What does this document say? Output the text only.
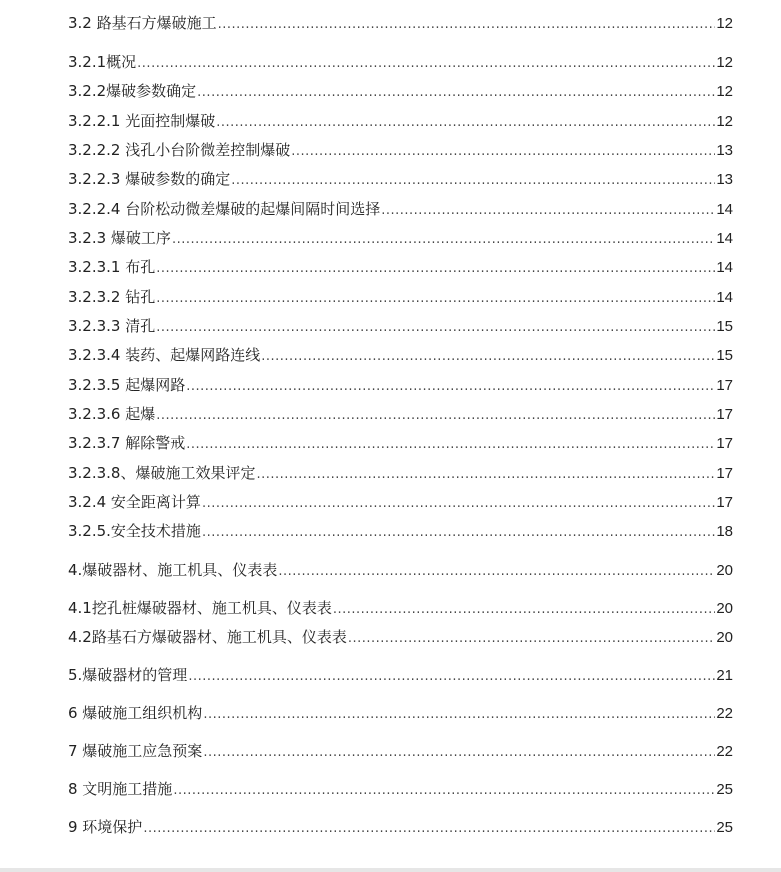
3.2 路基石方爆破施工 .....	12
3.2.1概况 .....	12
3.2.2爆破参数确定 .....	12
3.2.2.1 光面控制爆破 .....	12
3.2.2.2 浅孔小台阶微差控制爆破 .....	13
3.2.2.3 爆破参数的确定 .....	13
3.2.2.4 台阶松动微差爆破的起爆间隔时间选择 .....	14
3.2.3 爆破工序 .....	14
3.2.3.1 布孔 .....	14
3.2.3.2 钻孔 .....	14
3.2.3.3 清孔 .....	15
3.2.3.4 装药、起爆网路连线 .....	15
3.2.3.5 起爆网路 .....	17
3.2.3.6 起爆 .....	17
3.2.3.7 解除警戒 .....	17
3.2.3.8、爆破施工效果评定 .....	17
3.2.4 安全距离计算 .....	17
3.2.5.安全技术措施 .....	18
4.爆破器材、施工机具、仪表表 .....	20
4.1挖孔桩爆破器材、施工机具、仪表表 .....	20
4.2路基石方爆破器材、施工机具、仪表表 .....	20
5.爆破器材的管理 .....	21
6 爆破施工组织机构 .....	22
7 爆破施工应急预案 .....	22
8 文明施工措施 .....	25
9 环境保护 .....	25
